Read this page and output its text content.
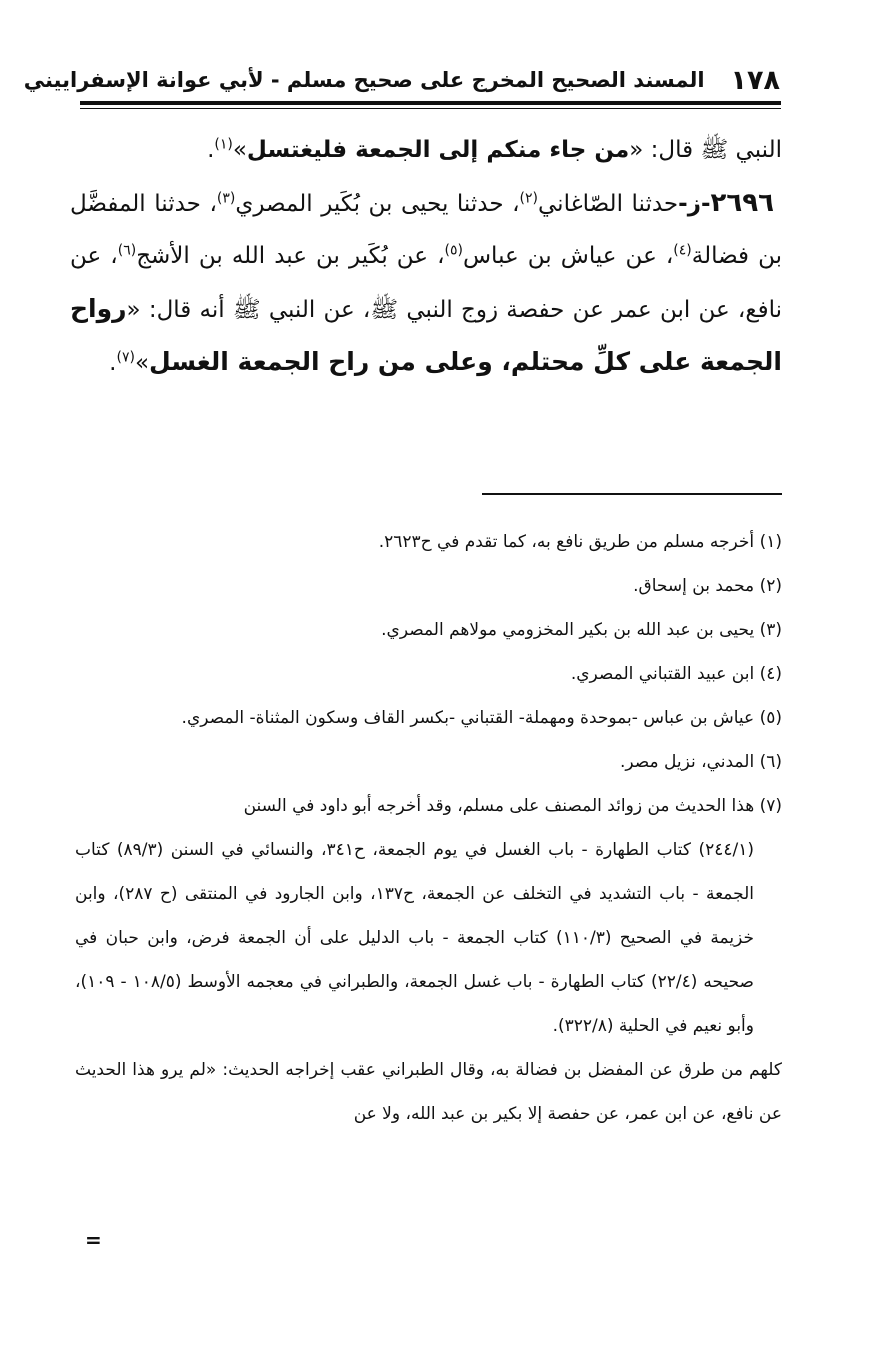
١٧٨
المسند الصحيح المخرج على صحيح مسلم - لأبي عوانة الإسفراييني

النبي ﷺ قال: «من جاء منكم إلى الجمعة فليغتسل»$^{(١)}$.

٢٦٩٦-ز-حدثنا الصّاغاني$^{(٢)}$، حدثنا يحيى بن بُكَير المصري$^{(٣)}$، حدثنا المفضَّل بن فضالة$^{(٤)}$، عن عياش بن عباس$^{(٥)}$، عن بُكَير بن عبد الله بن الأشج$^{(٦)}$، عن نافع، عن ابن عمر عن حفصة زوج النبي ﷺ، عن النبي ﷺ أنه قال: «رواح الجمعة على كلِّ محتلم، وعلى من راح الجمعة الغسل»$^{(٧)}$.

(١) أخرجه مسلم من طريق نافع به، كما تقدم في ح٢٦٢٣.

(٢) محمد بن إسحاق.

(٣) يحيى بن عبد الله بن بكير المخزومي مولاهم المصري.

(٤) ابن عبيد القتباني المصري.

(٥) عياش بن عباس -بموحدة ومهملة- القتباني -بكسر القاف وسكون المثناة- المصري.

(٦) المدني، نزيل مصر.

(٧) هذا الحديث من زوائد المصنف على مسلم، وقد أخرجه أبو داود في السنن

(٢٤٤/١) كتاب الطهارة - باب الغسل في يوم الجمعة، ح٣٤١، والنسائي في السنن (٨٩/٣) كتاب الجمعة - باب التشديد في التخلف عن الجمعة، ح١٣٧، وابن الجارود في المنتقى (ح ٢٨٧)، وابن خزيمة في الصحيح (١١٠/٣) كتاب الجمعة - باب الدليل على أن الجمعة فرض، وابن حبان في صحيحه (٢٢/٤) كتاب الطهارة - باب غسل الجمعة، والطبراني في معجمه الأوسط (١٠٨/٥ - ١٠٩)، وأبو نعيم في الحلية (٣٢٢/٨).

كلهم من طرق عن المفضل بن فضالة به، وقال الطبراني عقب إخراجه الحديث: «لم يرو هذا الحديث عن نافع، عن ابن عمر، عن حفصة إلا بكير بن عبد الله، ولا عن

=
